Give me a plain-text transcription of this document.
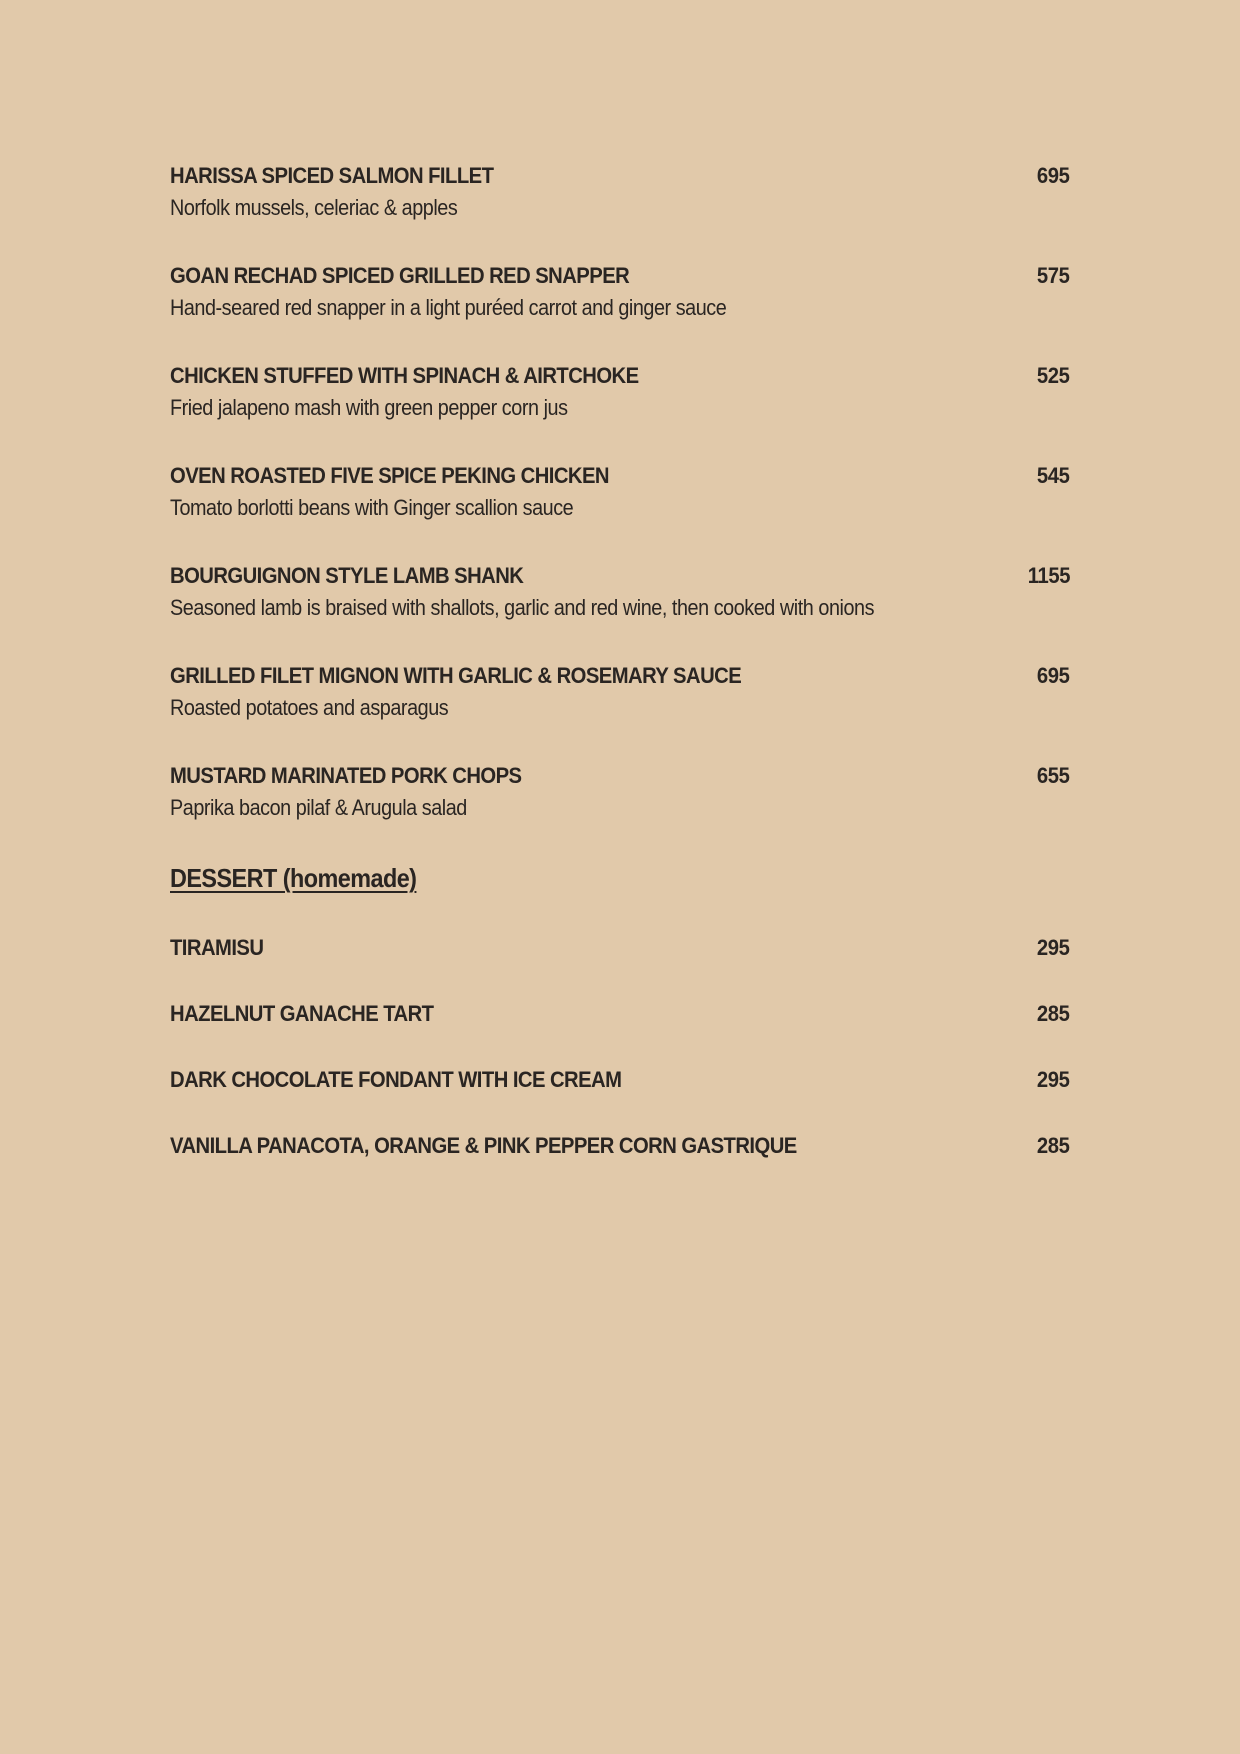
HARISSA SPICED SALMON FILLET	695
Norfolk mussels, celeriac & apples
GOAN RECHAD SPICED GRILLED RED SNAPPER	575
Hand-seared red snapper in a light puréed carrot and ginger sauce
CHICKEN STUFFED WITH SPINACH & AIRTCHOKE	525
Fried jalapeno mash with green pepper corn jus
OVEN ROASTED FIVE SPICE PEKING CHICKEN	545
Tomato borlotti beans with Ginger scallion sauce
BOURGUIGNON STYLE LAMB SHANK	1155
Seasoned lamb is braised with shallots, garlic and red wine, then cooked with onions
GRILLED FILET MIGNON WITH GARLIC & ROSEMARY SAUCE	695
Roasted potatoes and asparagus
MUSTARD MARINATED PORK CHOPS	655
Paprika bacon pilaf & Arugula salad
DESSERT (homemade)
TIRAMISU	295
HAZELNUT GANACHE TART	285
DARK CHOCOLATE FONDANT WITH ICE CREAM	295
VANILLA PANACOTA, ORANGE & PINK PEPPER CORN GASTRIQUE	285
